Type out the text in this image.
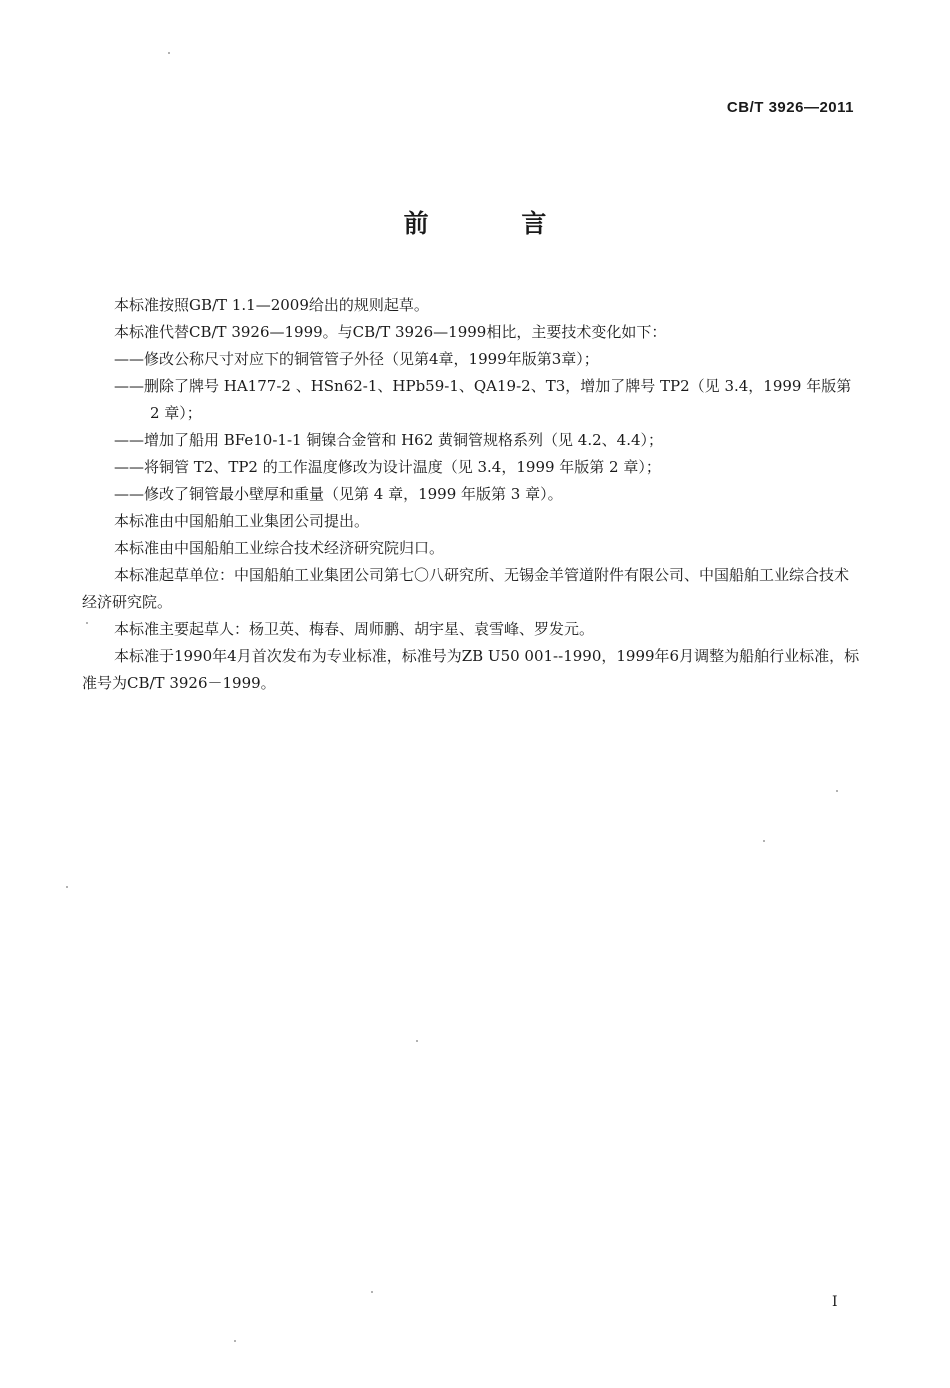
CB/T 3926—2011
前 言

本标准按照GB/T 1.1—2009给出的规则起草。

本标准代替CB/T 3926—1999。与CB/T 3926—1999相比，主要技术变化如下：

——修改公称尺寸对应下的铜管管子外径（见第4章，1999年版第3章）；

——删除了牌号 HA177-2 、HSn62-1、HPb59-1、QA19-2、T3，增加了牌号 TP2（见 3.4，1999 年版第 2 章）；

——增加了船用 BFe10-1-1 铜镍合金管和 H62 黄铜管规格系列（见 4.2、4.4）；

——将铜管 T2、TP2 的工作温度修改为设计温度（见 3.4，1999 年版第 2 章）；

——修改了铜管最小壁厚和重量（见第 4 章，1999 年版第 3 章）。

本标准由中国船舶工业集团公司提出。

本标准由中国船舶工业综合技术经济研究院归口。

本标准起草单位：中国船舶工业集团公司第七〇八研究所、无锡金羊管道附件有限公司、中国船舶工业综合技术经济研究院。

本标准主要起草人：杨卫英、梅春、周师鹏、胡宇星、袁雪峰、罗发元。

本标准于1990年4月首次发布为专业标准，标准号为ZB U50 001--1990，1999年6月调整为船舶行业标准，标准号为CB/T 3926－1999。

I
